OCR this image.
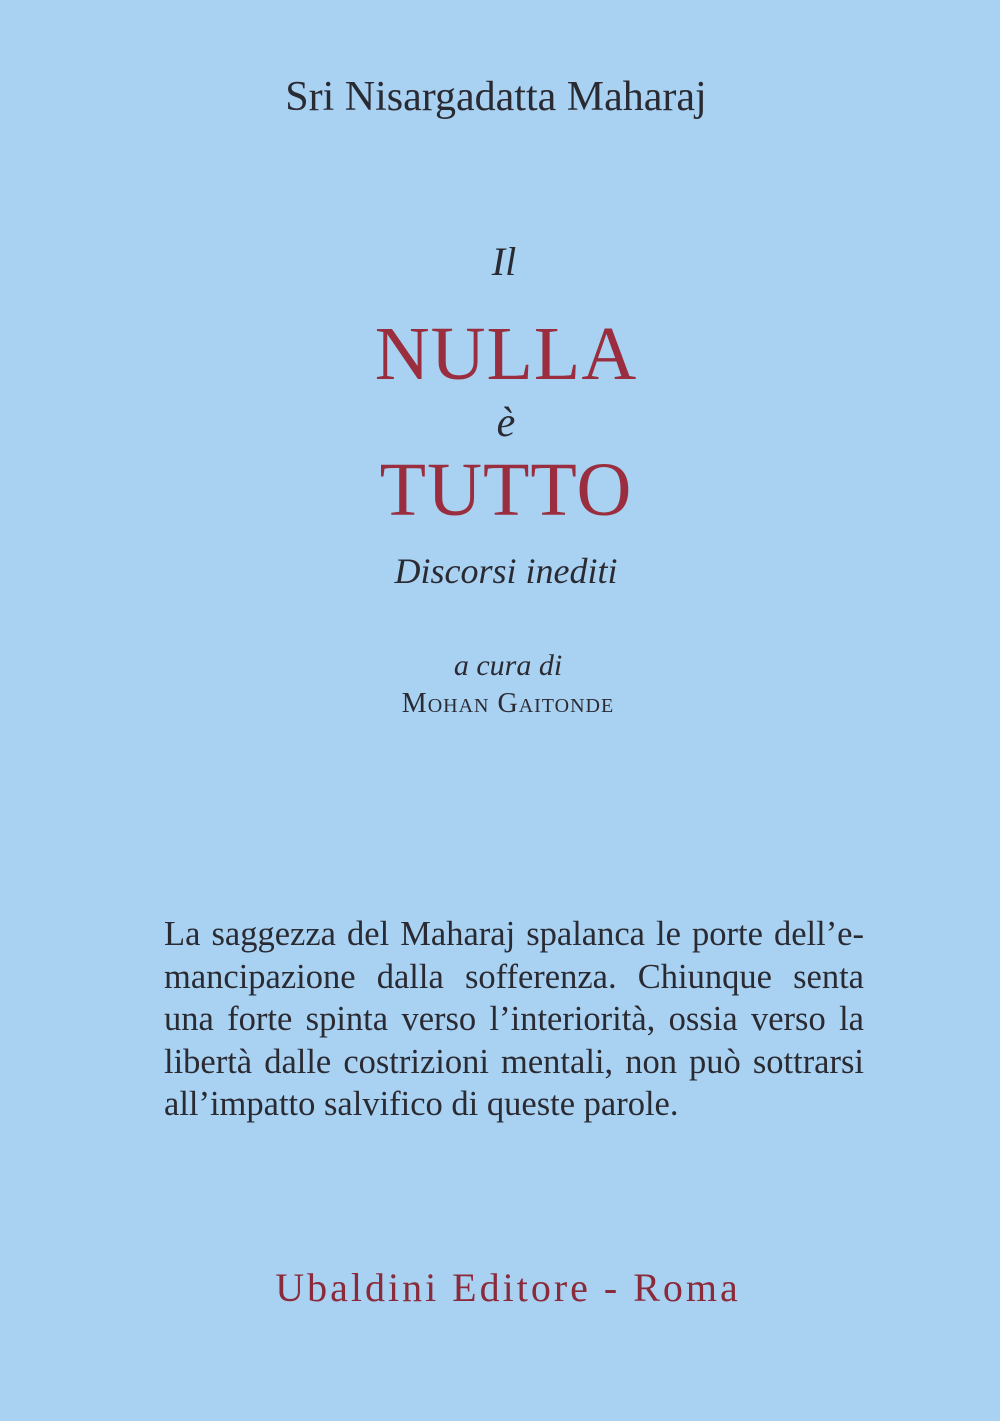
Sri Nisargadatta Maharaj
Il
NULLA
è
TUTTO
Discorsi inediti
a cura di
Mohan Gaitonde
La saggezza del Maharaj spalanca le porte dell’e-
mancipazione dalla sofferenza. Chiunque senta
una forte spinta verso l’interiorità, ossia verso la
libertà dalle costrizioni mentali, non può sottrarsi
all’impatto salvifico di queste parole.
Ubaldini Editore - Roma
